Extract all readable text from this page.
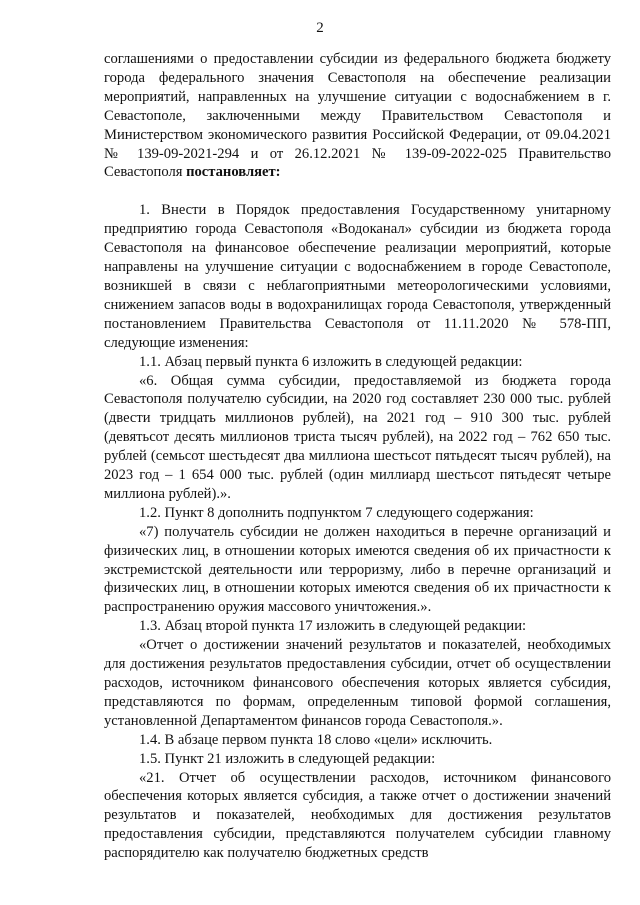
2

соглашениями о предоставлении субсидии из федерального бюджета бюджету города федерального значения Севастополя на обеспечение реализации мероприятий, направленных на улучшение ситуации с водоснабжением в г. Севастополе, заключенными между Правительством Севастополя и Министерством экономического развития Российской Федерации, от 09.04.2021 № 139-09-2021-294 и от 26.12.2021 № 139-09-2022-025 Правительство Севастополя постановляет:

1. Внести в Порядок предоставления Государственному унитарному предприятию города Севастополя «Водоканал» субсидии из бюджета города Севастополя на финансовое обеспечение реализации мероприятий, которые направлены на улучшение ситуации с водоснабжением в городе Севастополе, возникшей в связи с неблагоприятными метеорологическими условиями, снижением запасов воды в водохранилищах города Севастополя, утвержденный постановлением Правительства Севастополя от 11.11.2020 № 578-ПП, следующие изменения:

1.1. Абзац первый пункта 6 изложить в следующей редакции:

«6. Общая сумма субсидии, предоставляемой из бюджета города Севастополя получателю субсидии, на 2020 год составляет 230 000 тыс. рублей (двести тридцать миллионов рублей), на 2021 год – 910 300 тыс. рублей (девятьсот десять миллионов триста тысяч рублей), на 2022 год – 762 650 тыс. рублей (семьсот шестьдесят два миллиона шестьсот пятьдесят тысяч рублей), на 2023 год – 1 654 000 тыс. рублей (один миллиард шестьсот пятьдесят четыре миллиона рублей).».

1.2. Пункт 8 дополнить подпунктом 7 следующего содержания:

«7) получатель субсидии не должен находиться в перечне организаций и физических лиц, в отношении которых имеются сведения об их причастности к экстремистской деятельности или терроризму, либо в перечне организаций и физических лиц, в отношении которых имеются сведения об их причастности к распространению оружия массового уничтожения.».

1.3. Абзац второй пункта 17 изложить в следующей редакции:

«Отчет о достижении значений результатов и показателей, необходимых для достижения результатов предоставления субсидии, отчет об осуществлении расходов, источником финансового обеспечения которых является субсидия, представляются по формам, определенным типовой формой соглашения, установленной Департаментом финансов города Севастополя.».

1.4. В абзаце первом пункта 18 слово «цели» исключить.

1.5. Пункт 21 изложить в следующей редакции:

«21. Отчет об осуществлении расходов, источником финансового обеспечения которых является субсидия, а также отчет о достижении значений результатов и показателей, необходимых для достижения результатов предоставления субсидии, представляются получателем субсидии главному распорядителю как получателю бюджетных средств
